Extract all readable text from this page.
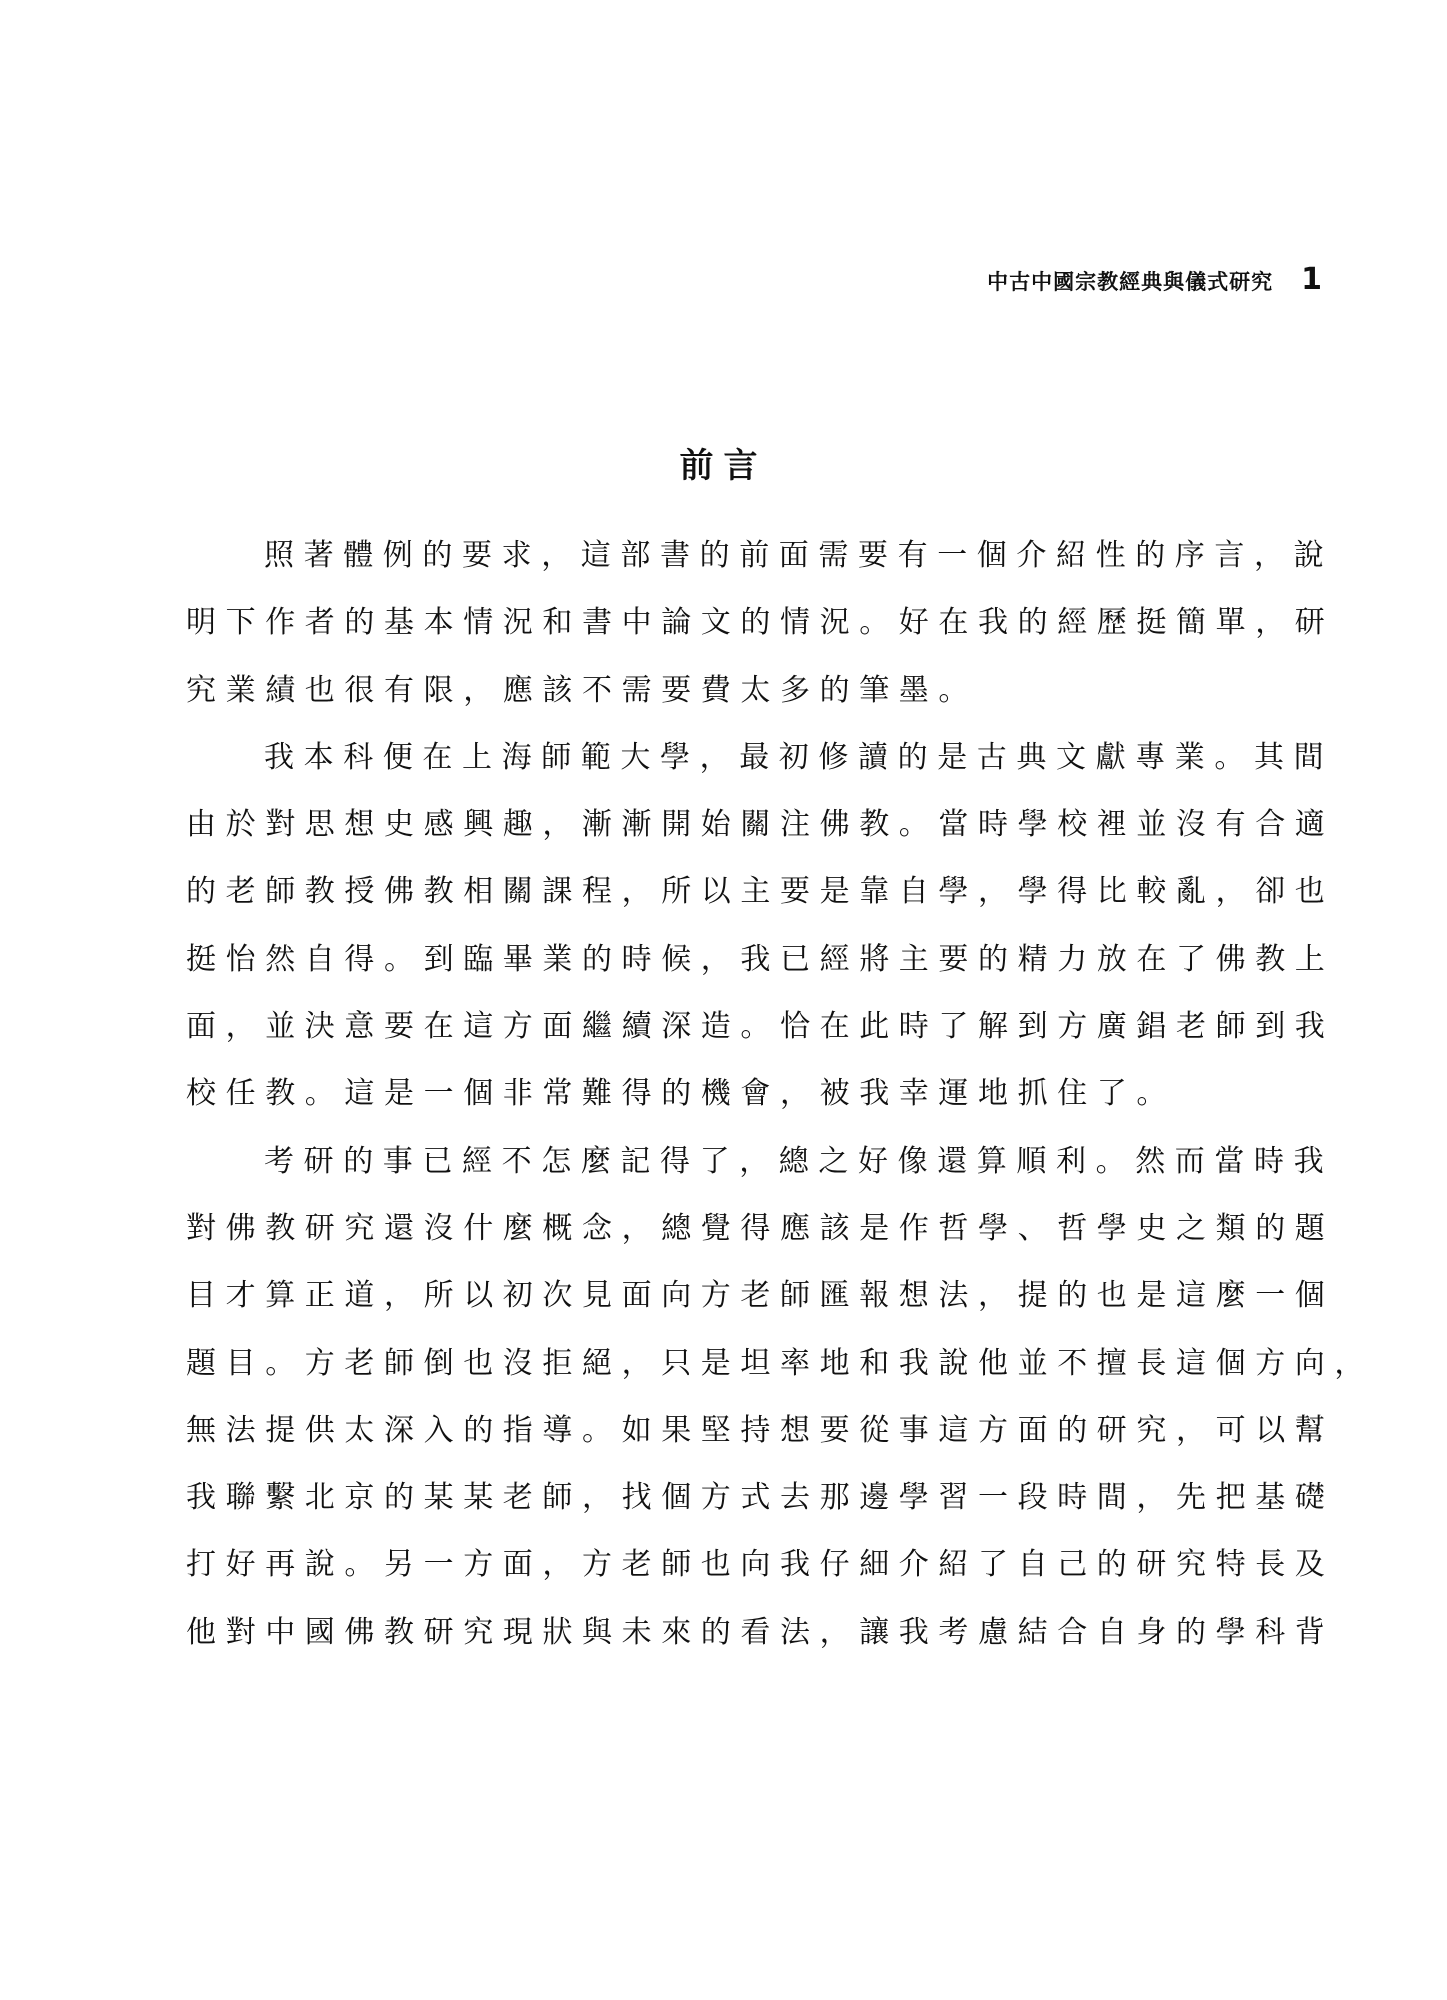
中古中國宗教經典與儀式研究 1
前言
照著體例的要求，這部書的前面需要有一個介紹性的序言，說
明下作者的基本情況和書中論文的情況。好在我的經歷挺簡單，研
究業績也很有限，應該不需要費太多的筆墨。
我本科便在上海師範大學，最初修讀的是古典文獻專業。其間
由於對思想史感興趣，漸漸開始關注佛教。當時學校裡並沒有合適
的老師教授佛教相關課程，所以主要是靠自學，學得比較亂，卻也
挺怡然自得。到臨畢業的時候，我已經將主要的精力放在了佛教上
面，並決意要在這方面繼續深造。恰在此時了解到方廣錩老師到我
校任教。這是一個非常難得的機會，被我幸運地抓住了。
考研的事已經不怎麼記得了，總之好像還算順利。然而當時我
對佛教研究還沒什麼概念，總覺得應該是作哲學、哲學史之類的題
目才算正道，所以初次見面向方老師匯報想法，提的也是這麼一個
題目。方老師倒也沒拒絕，只是坦率地和我說他並不擅長這個方向，
無法提供太深入的指導。如果堅持想要從事這方面的研究，可以幫
我聯繫北京的某某老師，找個方式去那邊學習一段時間，先把基礎
打好再說。另一方面，方老師也向我仔細介紹了自己的研究特長及
他對中國佛教研究現狀與未來的看法，讓我考慮結合自身的學科背
